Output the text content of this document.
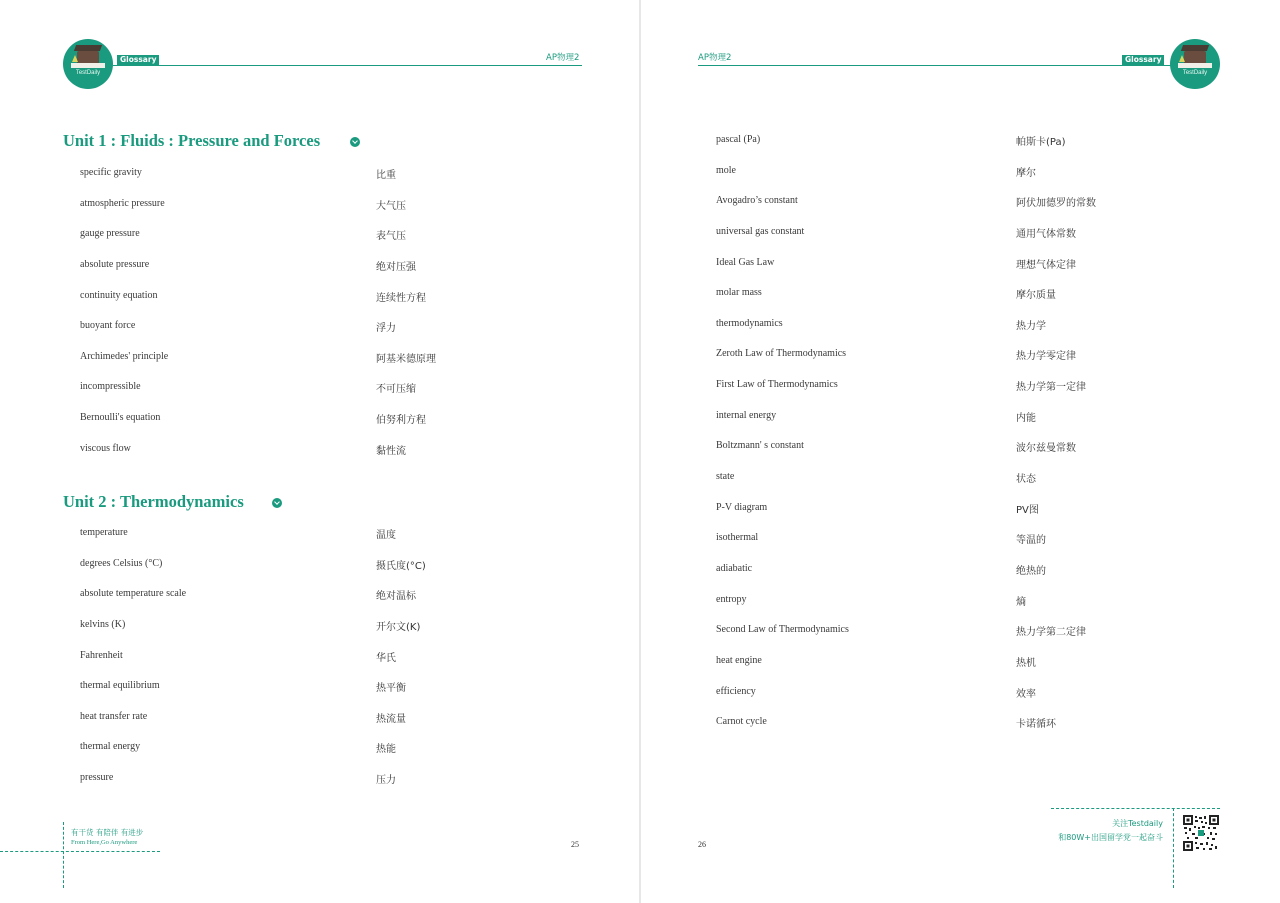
TestDaily
Glossary	AP物理2
Unit 1 : Fluids : Pressure and Forces
specific gravity	比重
atmospheric pressure	大气压
gauge pressure	表气压
absolute pressure	绝对压强
continuity equation	连续性方程
buoyant force	浮力
Archimedes' principle	阿基米德原理
incompressible	不可压缩
Bernoulli's equation	伯努利方程
viscous flow	黏性流
Unit 2 : Thermodynamics
temperature	温度
degrees Celsius (°C)	摄氏度(°C)
absolute temperature scale	绝对温标
kelvins (K)	开尔文(K)
Fahrenheit	华氏
thermal equilibrium	热平衡
heat transfer rate	热流量
thermal energy	热能
pressure	压力
有干货 有陪伴 有进步
From Here,Go Anywhere	25
AP物理2	Glossary
TestDaily
pascal (Pa)	帕斯卡(Pa)
mole	摩尔
Avogadro’s constant	阿伏加德罗的常数
universal gas constant	通用气体常数
Ideal Gas Law	理想气体定律
molar mass	摩尔质量
thermodynamics	热力学
Zeroth Law of Thermodynamics	热力学零定律
First Law of Thermodynamics	热力学第一定律
internal energy	内能
Boltzmann' s constant	波尔兹曼常数
state	状态
P-V diagram	PV图
isothermal	等温的
adiabatic	绝热的
entropy	熵
Second Law of Thermodynamics	热力学第二定律
heat engine	热机
efficiency	效率
Carnot cycle	卡诺循环
26
关注Testdaily
和80W+出国留学党一起奋斗
